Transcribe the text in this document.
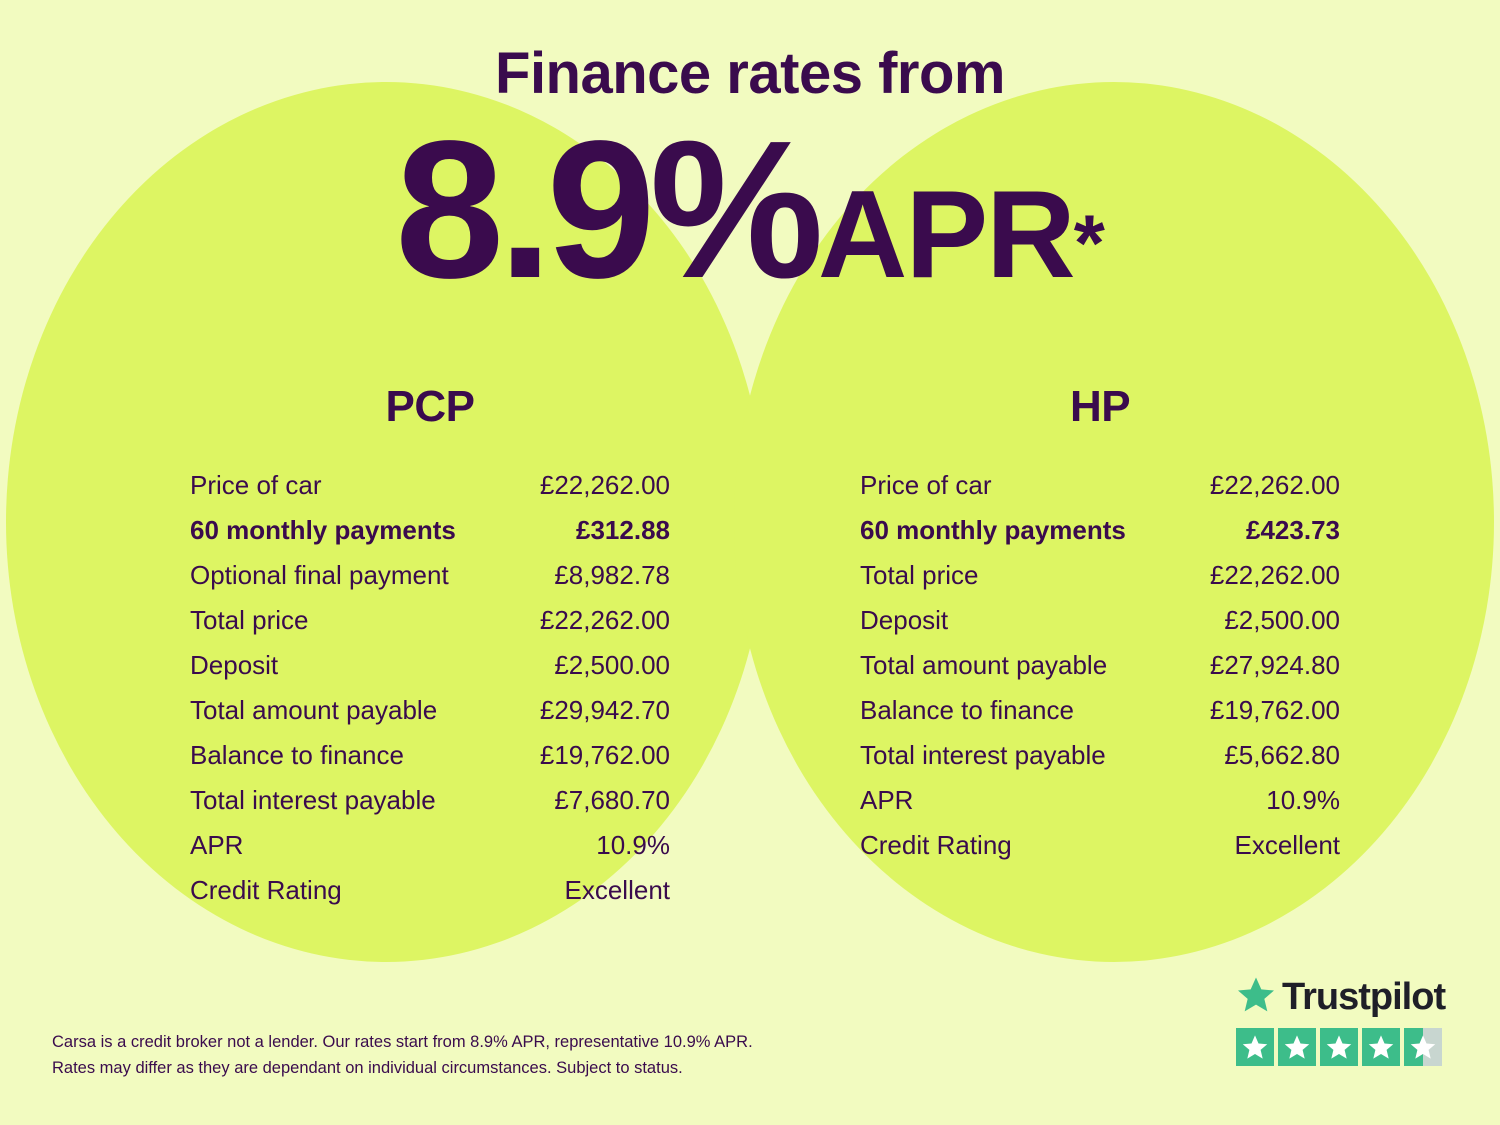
Finance rates from
8.9%APR*
PCP
Price of car	£22,262.00
60 monthly payments	£312.88
Optional final payment	£8,982.78
Total price	£22,262.00
Deposit	£2,500.00
Total amount payable	£29,942.70
Balance to finance	£19,762.00
Total interest payable	£7,680.70
APR	10.9%
Credit Rating	Excellent
HP
Price of car	£22,262.00
60 monthly payments	£423.73
Total price	£22,262.00
Deposit	£2,500.00
Total amount payable	£27,924.80
Balance to finance	£19,762.00
Total interest payable	£5,662.80
APR	10.9%
Credit Rating	Excellent
Carsa is a credit broker not a lender. Our rates start from 8.9% APR, representative 10.9% APR.
Rates may differ as they are dependant on individual circumstances. Subject to status.
Trustpilot
